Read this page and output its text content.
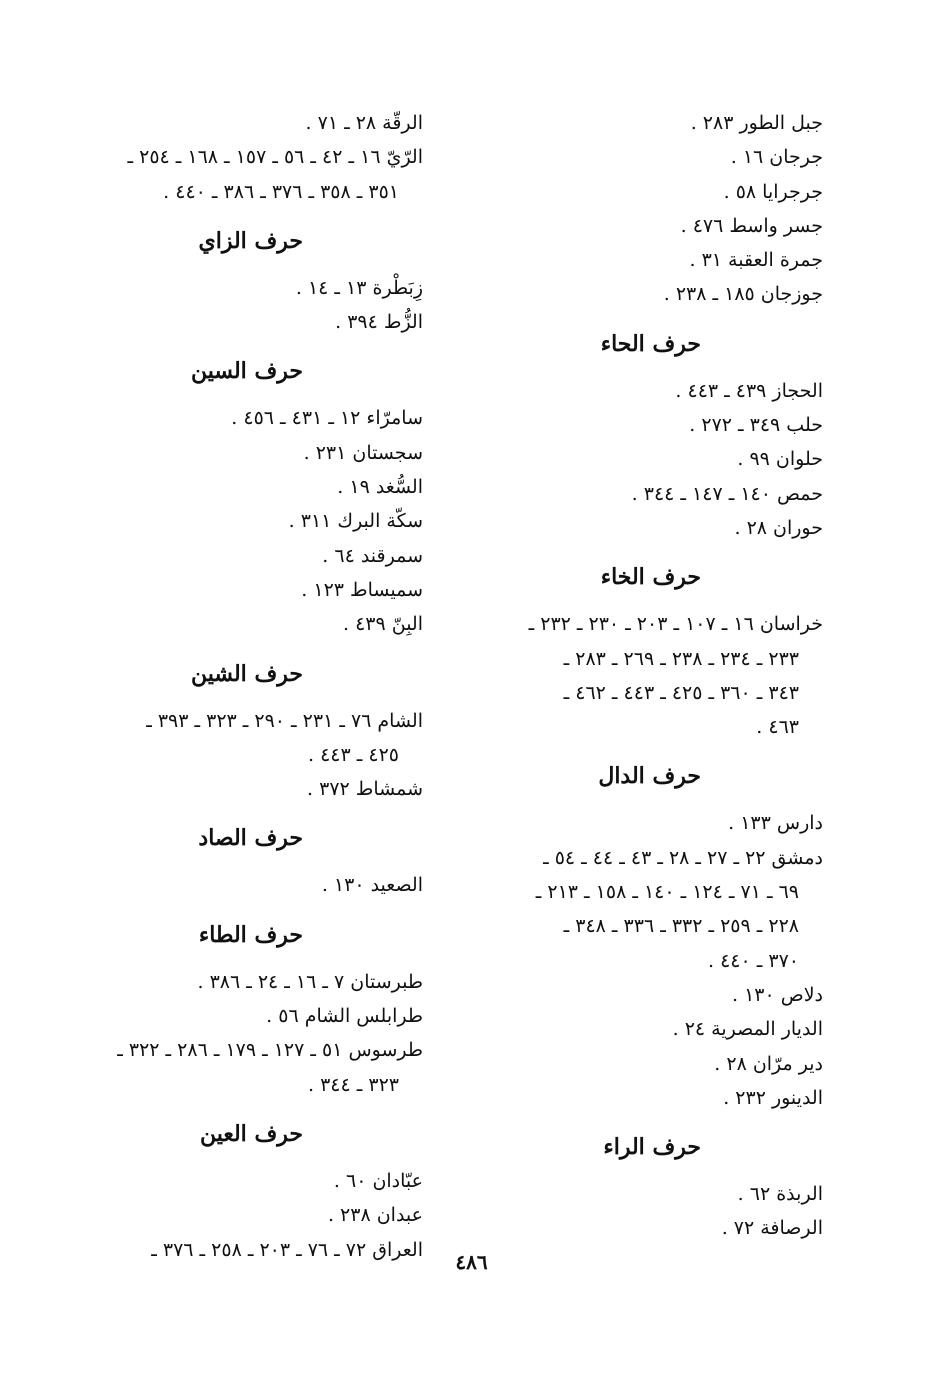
جبل الطور ٢٨٣ .
جرجان ١٦ .
جرجرايا ٥٨ .
جسر واسط ٤٧٦ .
جمرة العقبة ٣١ .
جوزجان ١٨٥ ـ ٢٣٨ .
حرف الحاء
الحجاز ٤٣٩ ـ ٤٤٣ .
حلب ٣٤٩ ـ ٢٧٢ .
حلوان ٩٩ .
حمص ١٤٠ ـ ١٤٧ ـ ٣٤٤ .
حوران ٢٨ .
حرف الخاء
خراسان ١٦ ـ ١٠٧ ـ ٢٠٣ ـ ٢٣٠ ـ ٢٣٢ ـ
٢٣٣ ـ ٢٣٤ ـ ٢٣٨ ـ ٢٦٩ ـ ٢٨٣ ـ
٣٤٣ ـ ٣٦٠ ـ ٤٢٥ ـ ٤٤٣ ـ ٤٦٢ ـ
٤٦٣ .
حرف الدال
دارس ١٣٣ .
دمشق ٢٢ ـ ٢٧ ـ ٢٨ ـ ٤٣ ـ ٤٤ ـ ٥٤ ـ
٦٩ ـ ٧١ ـ ١٢٤ ـ ١٤٠ ـ ١٥٨ ـ ٢١٣ ـ
٢٢٨ ـ ٢٥٩ ـ ٣٣٢ ـ ٣٣٦ ـ ٣٤٨ ـ
٣٧٠ ـ ٤٤٠ .
دلاص ١٣٠ .
الديار المصرية ٢٤ .
دير مرّان ٢٨ .
الدينور ٢٣٢ .
حرف الراء
الربذة ٦٢ .
الرصافة ٧٢ .
الرقّة ٢٨ ـ ٧١ .
الرّيّ ١٦ ـ ٤٢ ـ ٥٦ ـ ١٥٧ ـ ١٦٨ ـ ٢٥٤ ـ
٣٥١ ـ ٣٥٨ ـ ٣٧٦ ـ ٣٨٦ ـ ٤٤٠ .
حرف الزاي
زِبَطْرة ١٣ ـ ١٤ .
الزُّط ٣٩٤ .
حرف السين
سامرّاء ١٢ ـ ٤٣١ ـ ٤٥٦ .
سجستان ٢٣١ .
السُّغد ١٩ .
سكّة البرك ٣١١ .
سمرقند ٦٤ .
سميساط ١٢٣ .
البِنّ ٤٣٩ .
حرف الشين
الشام ٧٦ ـ ٢٣١ ـ ٢٩٠ ـ ٣٢٣ ـ ٣٩٣ ـ
٤٢٥ ـ ٤٤٣ .
شمشاط ٣٧٢ .
حرف الصاد
الصعيد ١٣٠ .
حرف الطاء
طبرستان ٧ ـ ١٦ ـ ٢٤ ـ ٣٨٦ .
طرابلس الشام ٥٦ .
طرسوس ٥١ ـ ١٢٧ ـ ١٧٩ ـ ٢٨٦ ـ ٣٢٢ ـ
٣٢٣ ـ ٣٤٤ .
حرف العين
عبّادان ٦٠ .
عبدان ٢٣٨ .
العراق ٧٢ ـ ٧٦ ـ ٢٠٣ ـ ٢٥٨ ـ ٣٧٦ ـ
٤٨٦
